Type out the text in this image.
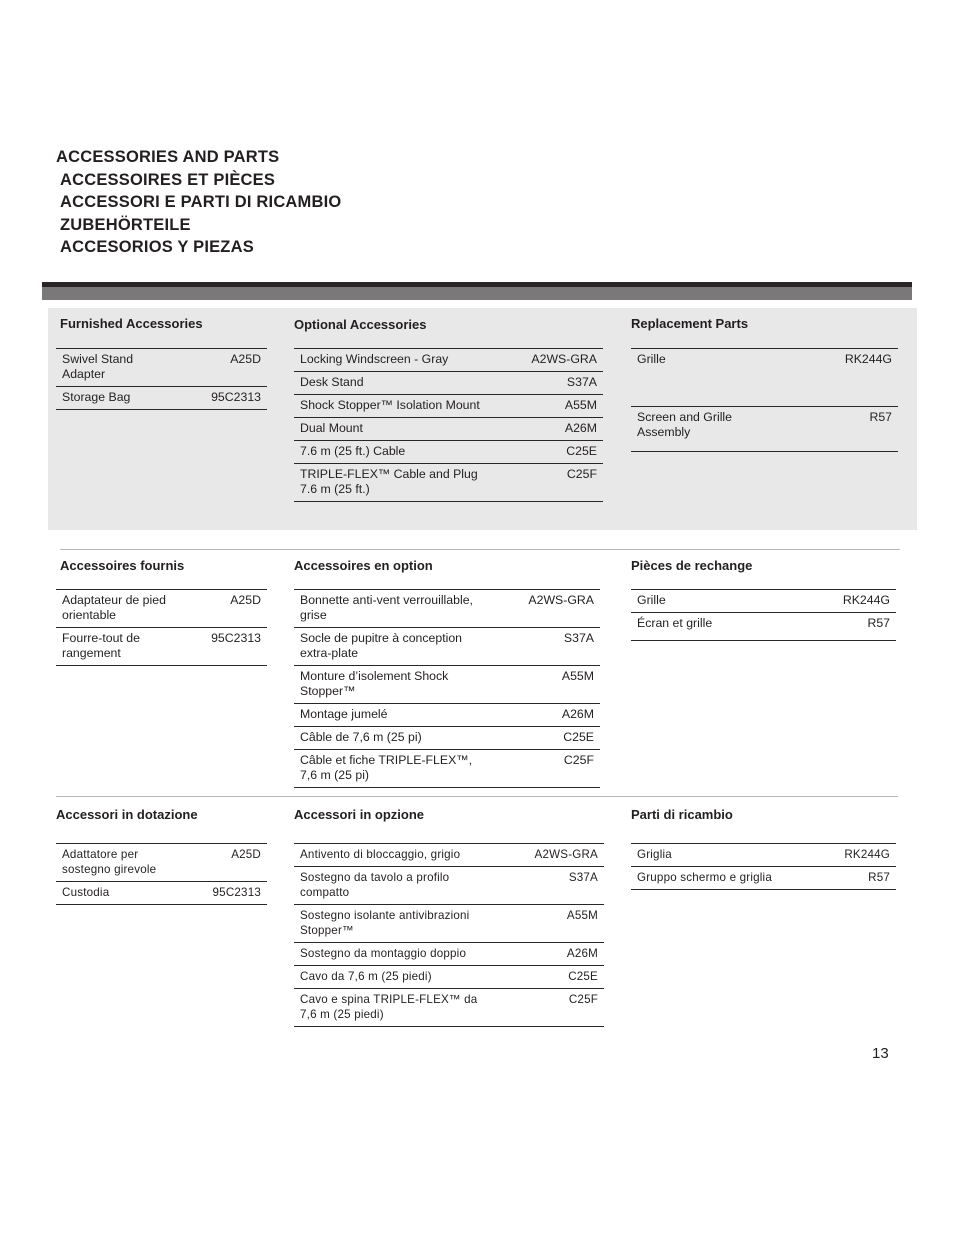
ACCESSORIES AND PARTS
ACCESSOIRES ET PIÈCES
ACCESSORI E PARTI DI RICAMBIO
ZUBEHÖRTEILE
ACCESORIOS Y PIEZAS
Furnished Accessories
Swivel Stand Adapter	A25D
Storage Bag	95C2313
Optional Accessories
Locking Windscreen - Gray	A2WS-GRA
Desk Stand	S37A
Shock Stopper™ Isolation Mount	A55M
Dual Mount	A26M
7.6 m (25 ft.) Cable	C25E
TRIPLE-FLEX™ Cable and Plug 7.6 m (25 ft.)	C25F
Replacement Parts
Grille	RK244G
Screen and Grille Assembly	R57
Accessoires fournis
Adaptateur de pied orientable	A25D
Fourre-tout de rangement	95C2313
Accessoires en option
Bonnette anti-vent verrouillable, grise	A2WS-GRA
Socle de pupitre à conception extra-plate	S37A
Monture d’isolement Shock Stopper™	A55M
Montage jumelé	A26M
Câble de 7,6 m (25 pi)	C25E
Câble et fiche TRIPLE-FLEX™, 7,6 m (25 pi)	C25F
Pièces de rechange
Grille	RK244G
Écran et grille	R57
Accessori in dotazione
Adattatore per sostegno girevole	A25D
Custodia	95C2313
Accessori in opzione
Antivento di bloccaggio, grigio	A2WS-GRA
Sostegno da tavolo a profilo compatto	S37A
Sostegno isolante antivibrazioni Stopper™	A55M
Sostegno da montaggio doppio	A26M
Cavo da 7,6 m (25 piedi)	C25E
Cavo e spina TRIPLE-FLEX™ da 7,6 m (25 piedi)	C25F
Parti di ricambio
Griglia	RK244G
Gruppo schermo e griglia	R57
13
